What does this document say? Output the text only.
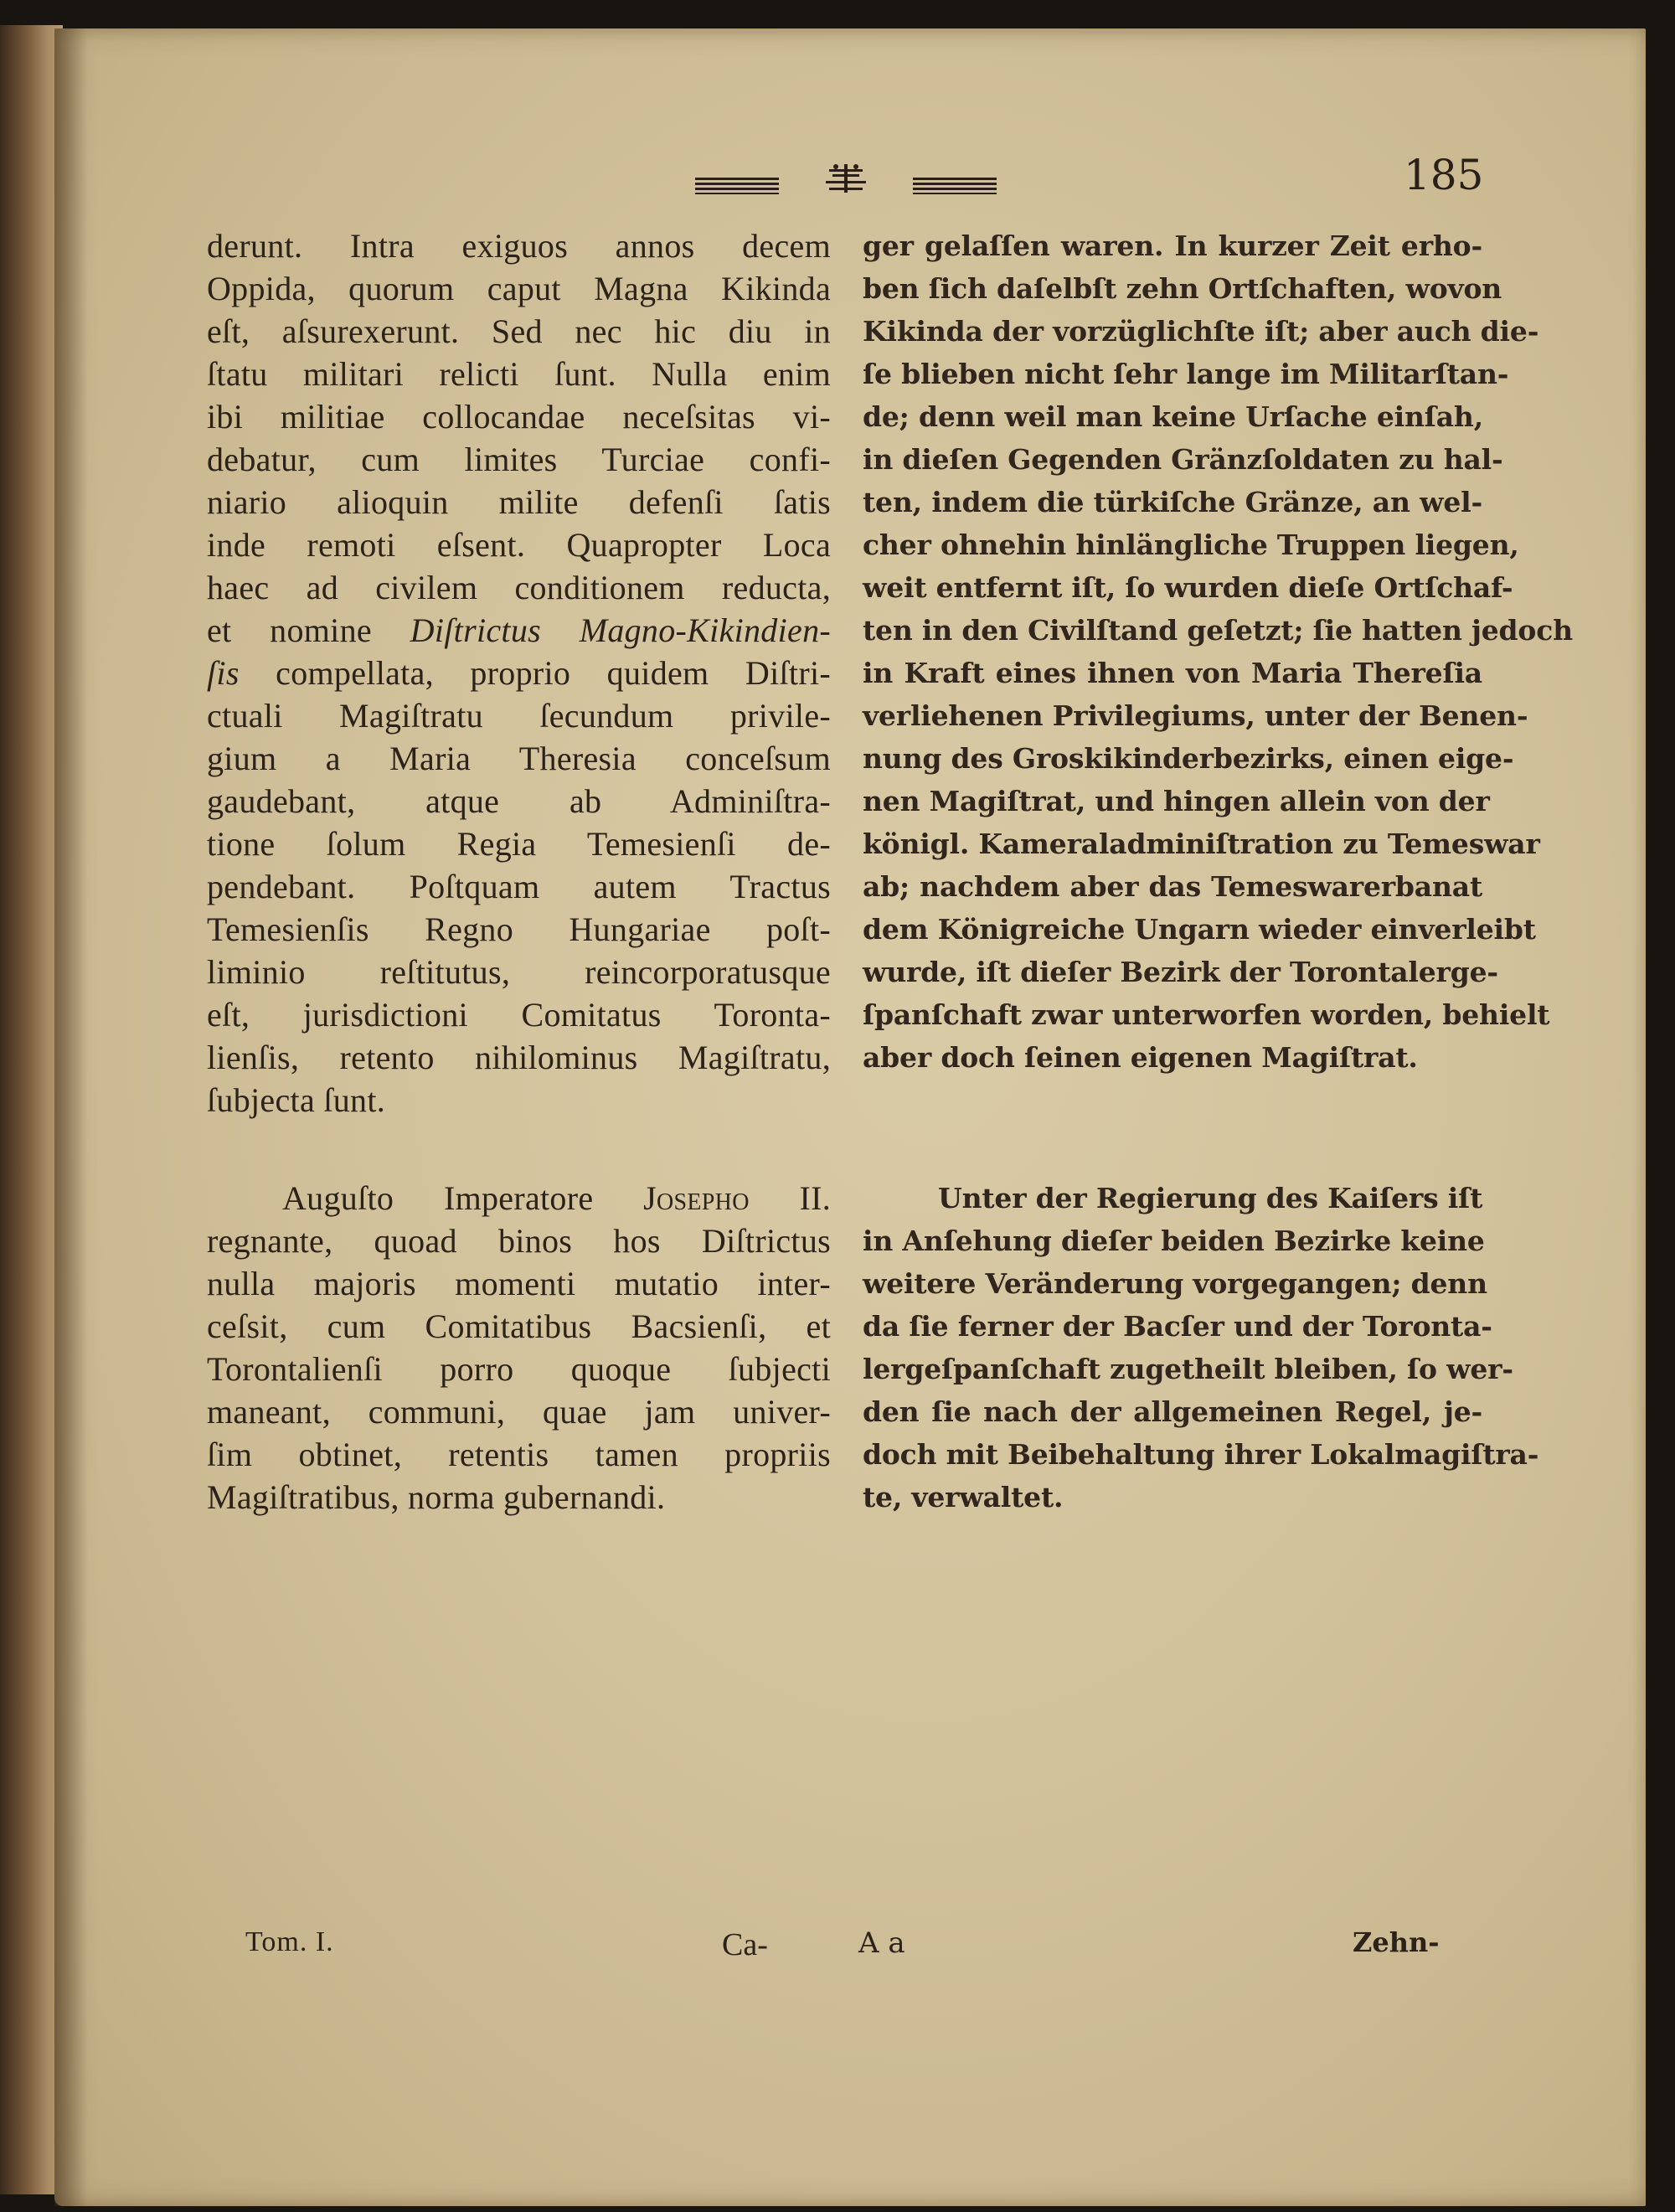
185
derunt. Intra exiguos annos decem
Oppida, quorum caput Magna Kikinda
eſt, aſsurexerunt. Sed nec hic diu in
ſtatu militari relicti ſunt. Nulla enim
ibi militiae collocandae neceſsitas vi-
debatur, cum limites Turciae confi-
niario alioquin milite defenſi ſatis
inde remoti eſsent. Quapropter Loca
haec ad civilem conditionem reducta,
et nomine Diſtrictus Magno-Kikindien-
ſis compellata, proprio quidem Diſtri-
ctuali Magiſtratu ſecundum privile-
gium a Maria Theresia conceſsum
gaudebant, atque ab Adminiſtra-
tione ſolum Regia Temesienſi de-
pendebant. Poſtquam autem Tractus
Temesienſis Regno Hungariae poſt-
liminio reſtitutus, reincorporatusque
eſt, jurisdictioni Comitatus Toronta-
lienſis, retento nihilominus Magiſtratu,
ſubjecta ſunt.
Auguſto Imperatore Josepho II.
regnante, quoad binos hos Diſtrictus
nulla majoris momenti mutatio inter-
ceſsit, cum Comitatibus Bacsienſi, et
Torontalienſi porro quoque ſubjecti
maneant, communi, quae jam univer-
ſim obtinet, retentis tamen propriis
Magiſtratibus, norma gubernandi.
ger gelaſſen waren. In kurzer Zeit erho-
ben ſich daſelbſt zehn Ortſchaften, wovon
Kikinda der vorzüglichſte iſt; aber auch die-
ſe blieben nicht ſehr lange im Militarſtan-
de; denn weil man keine Urſache einſah,
in dieſen Gegenden Gränzſoldaten zu hal-
ten, indem die türkiſche Gränze, an wel-
cher ohnehin hinlängliche Truppen liegen,
weit entfernt iſt, ſo wurden dieſe Ortſchaf-
ten in den Civilſtand geſetzt; ſie hatten jedoch
in Kraft eines ihnen von Maria Thereſia
verliehenen Privilegiums, unter der Benen-
nung des Groskikinderbezirks, einen eige-
nen Magiſtrat, und hingen allein von der
königl. Kameraladminiſtration zu Temeswar
ab; nachdem aber das Temeswarerbanat
dem Königreiche Ungarn wieder einverleibt
wurde, iſt dieſer Bezirk der Torontalerge-
ſpanſchaft zwar unterworfen worden, behielt
aber doch ſeinen eigenen Magiſtrat.
Unter der Regierung des Kaiſers iſt
in Anſehung dieſer beiden Bezirke keine
weitere Veränderung vorgegangen; denn
da ſie ferner der Bacſer und der Toronta-
lergeſpanſchaft zugetheilt bleiben, ſo wer-
den ſie nach der allgemeinen Regel, je-
doch mit Beibehaltung ihrer Lokalmagiſtra-
te, verwaltet.
Tom. I.	Ca-	A a	Zehn-
